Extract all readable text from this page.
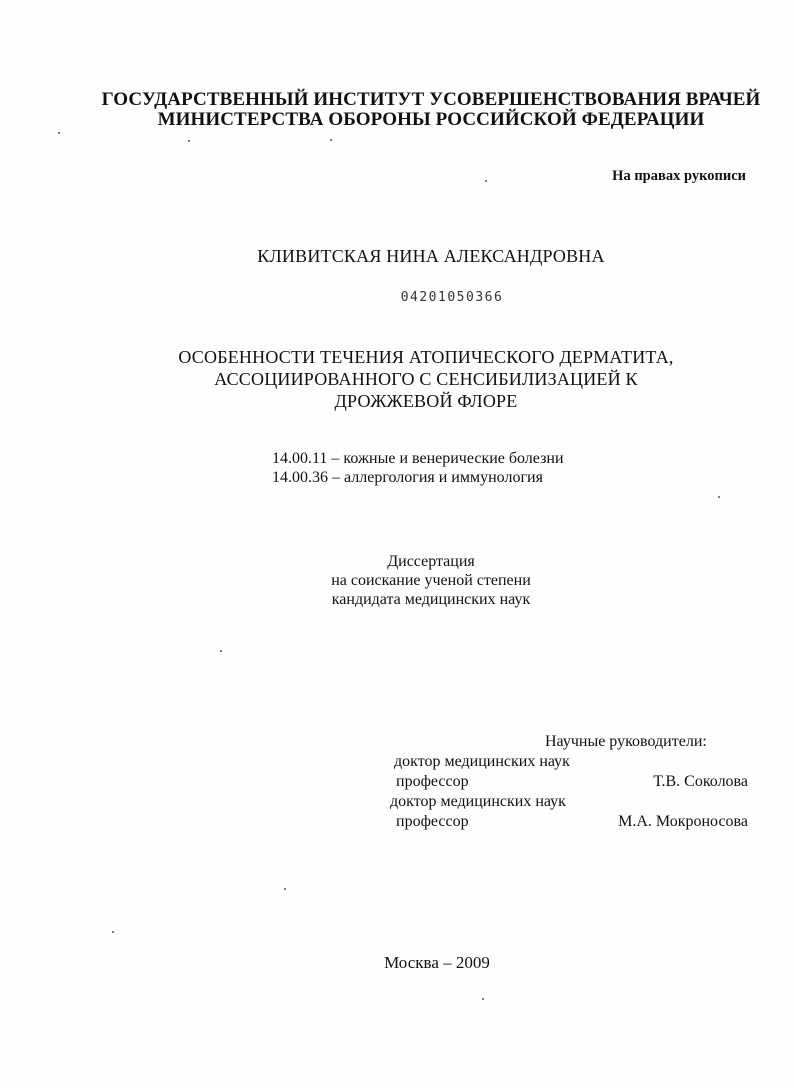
ГОСУДАРСТВЕННЫЙ ИНСТИТУТ УСОВЕРШЕНСТВОВАНИЯ ВРАЧЕЙ
МИНИСТЕРСТВА ОБОРОНЫ РОССИЙСКОЙ ФЕДЕРАЦИИ
На правах рукописи
КЛИВИТСКАЯ НИНА АЛЕКСАНДРОВНА
04201050366
ОСОБЕННОСТИ ТЕЧЕНИЯ АТОПИЧЕСКОГО ДЕРМАТИТА,
АССОЦИИРОВАННОГО С СЕНСИБИЛИЗАЦИЕЙ К
ДРОЖЖЕВОЙ ФЛОРЕ
14.00.11 – кожные и венерические болезни
14.00.36 – аллергология и иммунология
Диссертация
на соискание ученой степени
кандидата медицинских наук
Научные руководители:
доктор медицинских наук
профессор	Т.В. Соколова
доктор медицинских наук
профессор	М.А. Мокроносова
Москва – 2009
